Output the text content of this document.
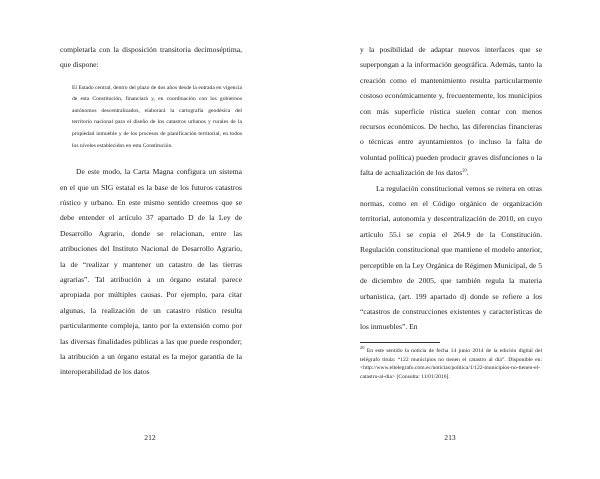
completarla con la disposición transitoria decimoséptima, que dispone:

El Estado central, dentro del plazo de dos años desde la entrada en vigencia de esta Constitución, financiará y, en coordinación con los gobiernos autónomos descentralizados, elaborará la cartografía geodésica del territorio nacional para el diseño de los catastros urbanos y rurales de la propiedad inmueble y de los procesos de planificación territorial, en todos los niveles establecidos en esta Constitución.

De este modo, la Carta Magna configura un sistema en el que un SIG estatal es la base de los futuros catastros rústico y urbano. En este mismo sentido creemos que se debe entender el artículo 37 apartado D de la Ley de Desarrollo Agrario, donde se relacionan, entre las atribuciones del Instituto Nacional de Desarrollo Agrario, la de “realizar y mantener un catastro de las tierras agrarias”. Tal atribución a un órgano estatal parece apropiada por múltiples causas. Por ejemplo, para citar algunas, la realización de un catastro rústico resulta particularmente compleja, tanto por la extensión como por las diversas finalidades públicas a las que puede responder; la atribución a un órgano estatal es la mejor garantía de la interoperabilidad de los datos

212

y la posibilidad de adaptar nuevos interfaces que se superpongan a la información geográfica. Además, tanto la creación como el mantenimiento resulta particularmente costoso económicamente y, frecuentemente, los municipios con más superficie rústica suelen contar con menos recursos económicos. De hecho, las diferencias financieras o técnicas entre ayuntamientos (o incluso la falta de voluntad política) pueden producir graves disfunciones o la falta de actualización de los datos$^{20}$.

La regulación constitucional vemos se reitera en otras normas, como en el Código orgánico de organización territorial, autonomía y descentralización de 2010, en cuyo artículo 55.i se copia el 264.9 de la Constitución. Regulación constitucional que mantiene el modelo anterior, perceptible en la Ley Orgánica de Régimen Municipal, de 5 de diciembre de 2005, que también regula la materia urbanística, (art. 199 apartado d) donde se refiere a los “catastros de construcciones existentes y características de los inmuebles”. En

$^{20}$ En este sentido la noticia de fecha 14 junio 2014 de la edición digital del telégrafo titula: “122 municipios no tienen el catastro al día”. Disponible en: <http://www.eltelegrafo.com.ec/noticias/politica/1/122-municipios-no-tienen-el-catastro-al-dia> [Consulta: 11/01/2016].

213
